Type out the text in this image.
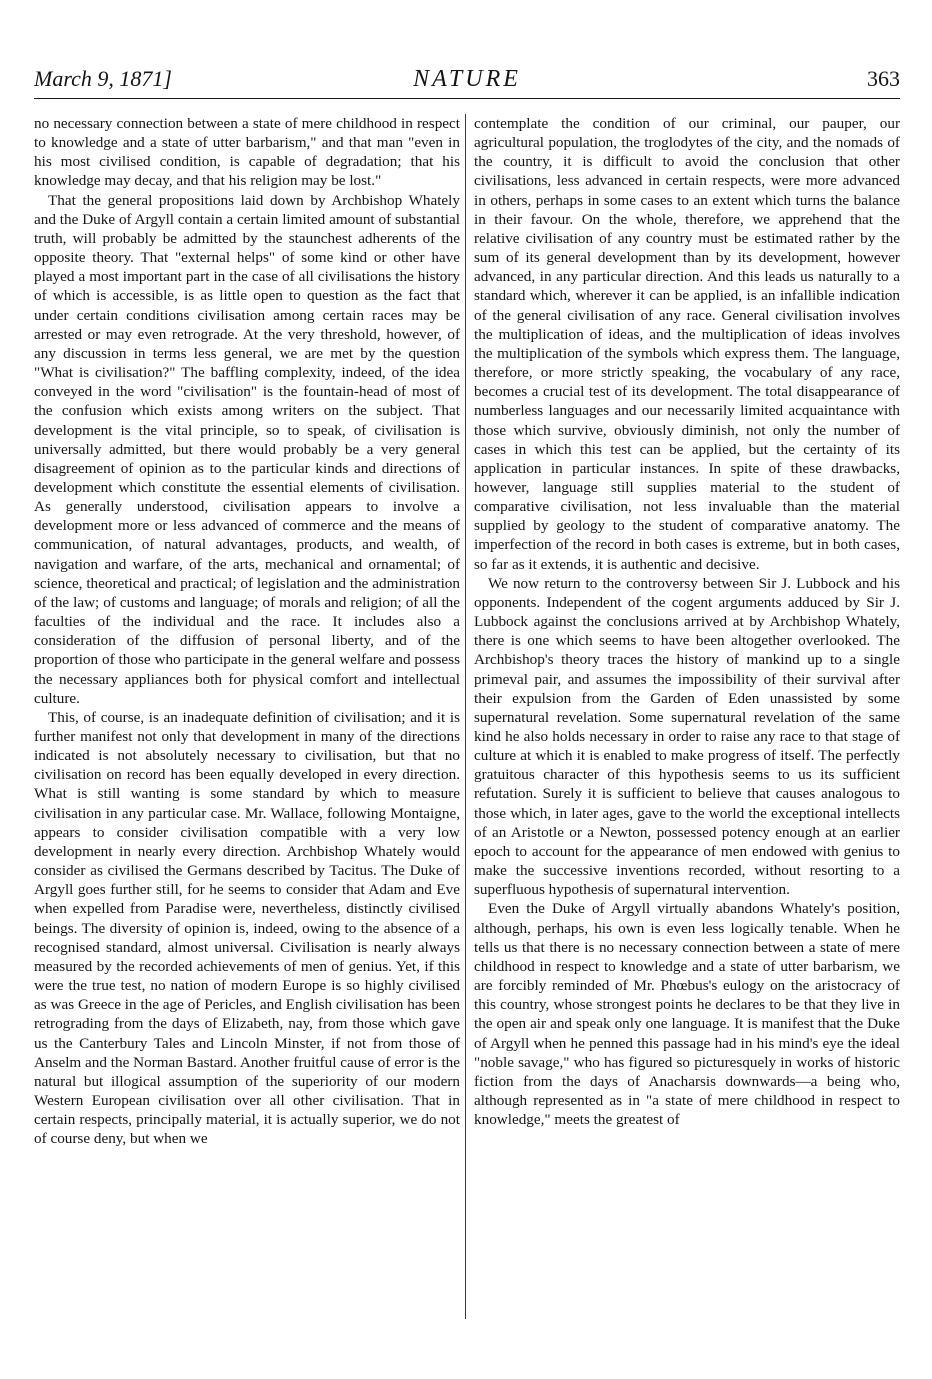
March 9, 1871]	NATURE	363

no necessary connection between a state of mere childhood in respect to knowledge and a state of utter barbarism," and that man "even in his most civilised condition, is capable of degradation; that his knowledge may decay, and that his religion may be lost."

That the general propositions laid down by Archbishop Whately and the Duke of Argyll contain a certain limited amount of substantial truth, will probably be admitted by the staunchest adherents of the opposite theory. That "external helps" of some kind or other have played a most important part in the case of all civilisations the history of which is accessible, is as little open to question as the fact that under certain conditions civilisation among certain races may be arrested or may even retrograde. At the very threshold, however, of any discussion in terms less general, we are met by the question "What is civilisation?" The baffling complexity, indeed, of the idea conveyed in the word "civilisation" is the fountain-head of most of the confusion which exists among writers on the subject. That development is the vital principle, so to speak, of civilisation is universally admitted, but there would probably be a very general disagreement of opinion as to the particular kinds and directions of development which constitute the essential elements of civilisation. As generally understood, civilisation appears to involve a development more or less advanced of commerce and the means of communication, of natural advantages, products, and wealth, of navigation and warfare, of the arts, mechanical and ornamental; of science, theoretical and practical; of legislation and the administration of the law; of customs and language; of morals and religion; of all the faculties of the individual and the race. It includes also a consideration of the diffusion of personal liberty, and of the proportion of those who participate in the general welfare and possess the necessary appliances both for physical comfort and intellectual culture.

This, of course, is an inadequate definition of civilisation; and it is further manifest not only that development in many of the directions indicated is not absolutely necessary to civilisation, but that no civilisation on record has been equally developed in every direction. What is still wanting is some standard by which to measure civilisation in any particular case. Mr. Wallace, following Montaigne, appears to consider civilisation compatible with a very low development in nearly every direction. Archbishop Whately would consider as civilised the Germans described by Tacitus. The Duke of Argyll goes further still, for he seems to consider that Adam and Eve when expelled from Paradise were, nevertheless, distinctly civilised beings. The diversity of opinion is, indeed, owing to the absence of a recognised standard, almost universal. Civilisation is nearly always measured by the recorded achievements of men of genius. Yet, if this were the true test, no nation of modern Europe is so highly civilised as was Greece in the age of Pericles, and English civilisation has been retrograding from the days of Elizabeth, nay, from those which gave us the Canterbury Tales and Lincoln Minster, if not from those of Anselm and the Norman Bastard. Another fruitful cause of error is the natural but illogical assumption of the superiority of our modern Western European civilisation over all other civilisation. That in certain respects, principally material, it is actually superior, we do not of course deny, but when we

contemplate the condition of our criminal, our pauper, our agricultural population, the troglodytes of the city, and the nomads of the country, it is difficult to avoid the conclusion that other civilisations, less advanced in certain respects, were more advanced in others, perhaps in some cases to an extent which turns the balance in their favour. On the whole, therefore, we apprehend that the relative civilisation of any country must be estimated rather by the sum of its general development than by its development, however advanced, in any particular direction. And this leads us naturally to a standard which, wherever it can be applied, is an infallible indication of the general civilisation of any race. General civilisation involves the multiplication of ideas, and the multiplication of ideas involves the multiplication of the symbols which express them. The language, therefore, or more strictly speaking, the vocabulary of any race, becomes a crucial test of its development. The total disappearance of numberless languages and our necessarily limited acquaintance with those which survive, obviously diminish, not only the number of cases in which this test can be applied, but the certainty of its application in particular instances. In spite of these drawbacks, however, language still supplies material to the student of comparative civilisation, not less invaluable than the material supplied by geology to the student of comparative anatomy. The imperfection of the record in both cases is extreme, but in both cases, so far as it extends, it is authentic and decisive.

We now return to the controversy between Sir J. Lubbock and his opponents. Independent of the cogent arguments adduced by Sir J. Lubbock against the conclusions arrived at by Archbishop Whately, there is one which seems to have been altogether overlooked. The Archbishop's theory traces the history of mankind up to a single primeval pair, and assumes the impossibility of their survival after their expulsion from the Garden of Eden unassisted by some supernatural revelation. Some supernatural revelation of the same kind he also holds necessary in order to raise any race to that stage of culture at which it is enabled to make progress of itself. The perfectly gratuitous character of this hypothesis seems to us its sufficient refutation. Surely it is sufficient to believe that causes analogous to those which, in later ages, gave to the world the exceptional intellects of an Aristotle or a Newton, possessed potency enough at an earlier epoch to account for the appearance of men endowed with genius to make the successive inventions recorded, without resorting to a superfluous hypothesis of supernatural intervention.

Even the Duke of Argyll virtually abandons Whately's position, although, perhaps, his own is even less logically tenable. When he tells us that there is no necessary connection between a state of mere childhood in respect to knowledge and a state of utter barbarism, we are forcibly reminded of Mr. Phœbus's eulogy on the aristocracy of this country, whose strongest points he declares to be that they live in the open air and speak only one language. It is manifest that the Duke of Argyll when he penned this passage had in his mind's eye the ideal "noble savage," who has figured so picturesquely in works of historic fiction from the days of Anacharsis downwards—a being who, although represented as in "a state of mere childhood in respect to knowledge," meets the greatest of
